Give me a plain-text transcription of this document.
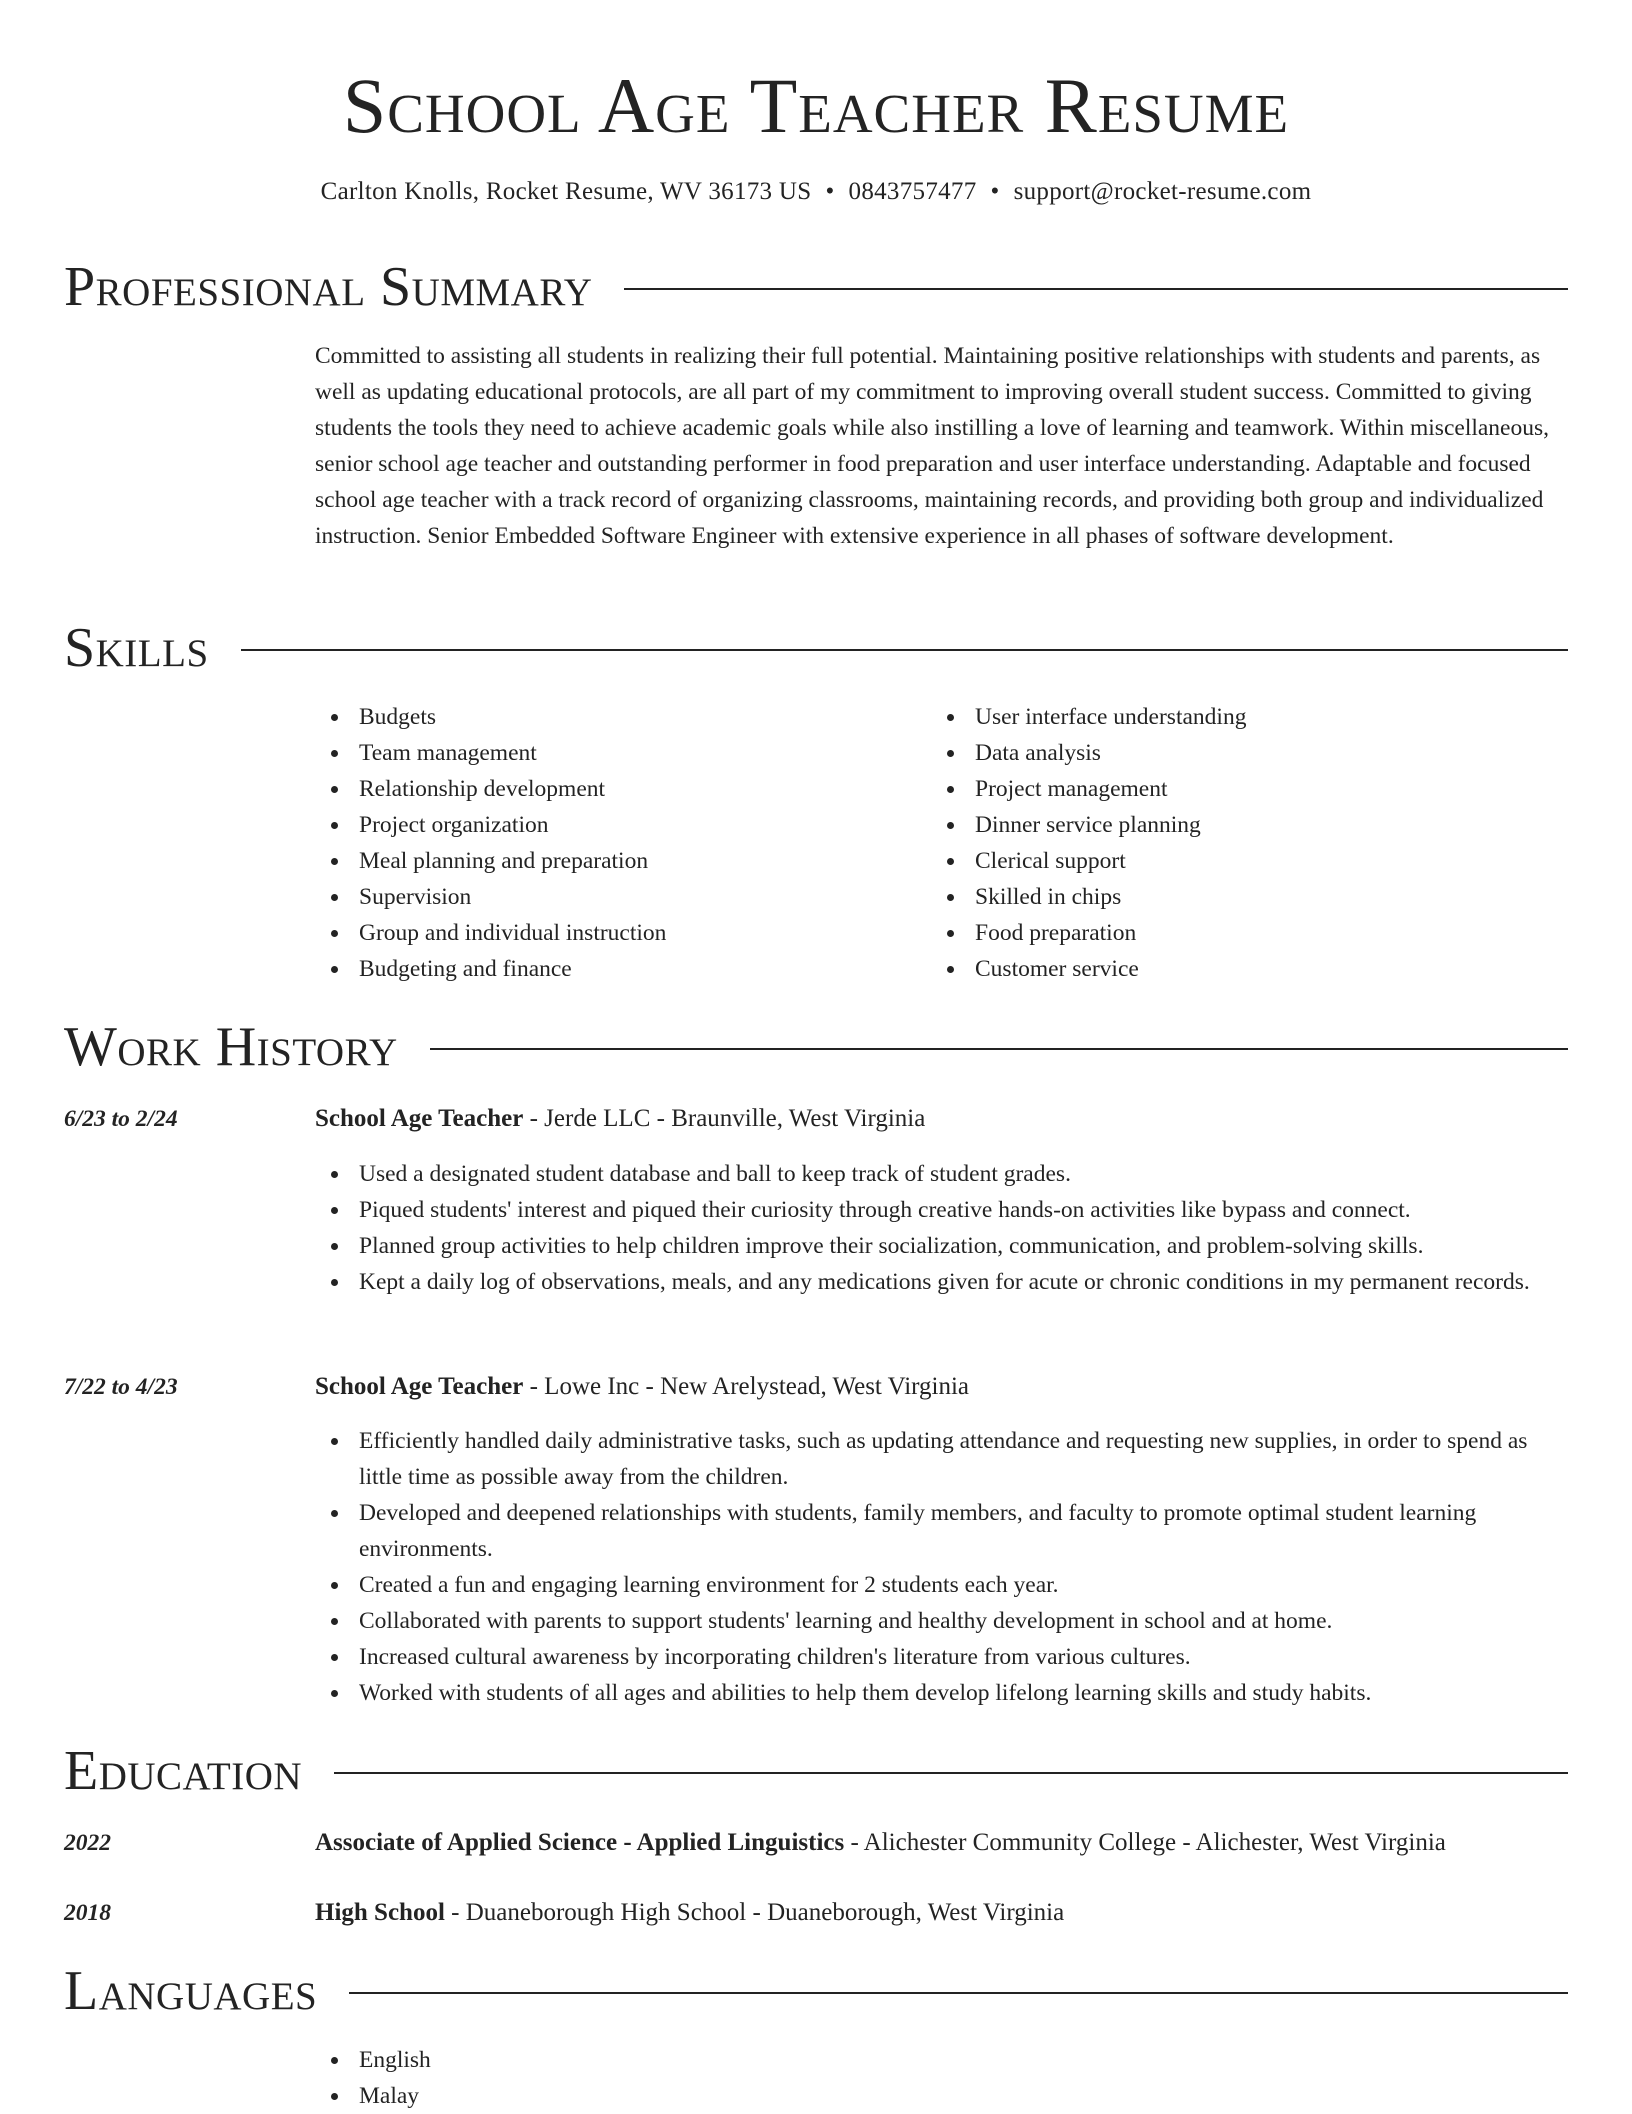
School Age Teacher Resume
Carlton Knolls, Rocket Resume, WV 36173 US • 0843757477 • support@rocket-resume.com
Professional Summary

Committed to assisting all students in realizing their full potential. Maintaining positive relationships with students and parents, as well as updating educational protocols, are all part of my commitment to improving overall student success. Committed to giving students the tools they need to achieve academic goals while also instilling a love of learning and teamwork. Within miscellaneous, senior school age teacher and outstanding performer in food preparation and user interface understanding. Adaptable and focused school age teacher with a track record of organizing classrooms, maintaining records, and providing both group and individualized instruction. Senior Embedded Software Engineer with extensive experience in all phases of software development.

Skills
Budgets
Team management
Relationship development
Project organization
Meal planning and preparation
Supervision
Group and individual instruction
Budgeting and finance
User interface understanding
Data analysis
Project management
Dinner service planning
Clerical support
Skilled in chips
Food preparation
Customer service
Work History
6/23 to 2/24	School Age Teacher - Jerde LLC - Braunville, West Virginia
Used a designated student database and ball to keep track of student grades.
Piqued students' interest and piqued their curiosity through creative hands-on activities like bypass and connect.
Planned group activities to help children improve their socialization, communication, and problem-solving skills.
Kept a daily log of observations, meals, and any medications given for acute or chronic conditions in my permanent records.
7/22 to 4/23	School Age Teacher - Lowe Inc - New Arelystead, West Virginia
Efficiently handled daily administrative tasks, such as updating attendance and requesting new supplies, in order to spend as little time as possible away from the children.
Developed and deepened relationships with students, family members, and faculty to promote optimal student learning environments.
Created a fun and engaging learning environment for 2 students each year.
Collaborated with parents to support students' learning and healthy development in school and at home.
Increased cultural awareness by incorporating children's literature from various cultures.
Worked with students of all ages and abilities to help them develop lifelong learning skills and study habits.
Education
2022	Associate of Applied Science - Applied Linguistics - Alichester Community College - Alichester, West Virginia
2018	High School - Duaneborough High School - Duaneborough, West Virginia
Languages
English
Malay
